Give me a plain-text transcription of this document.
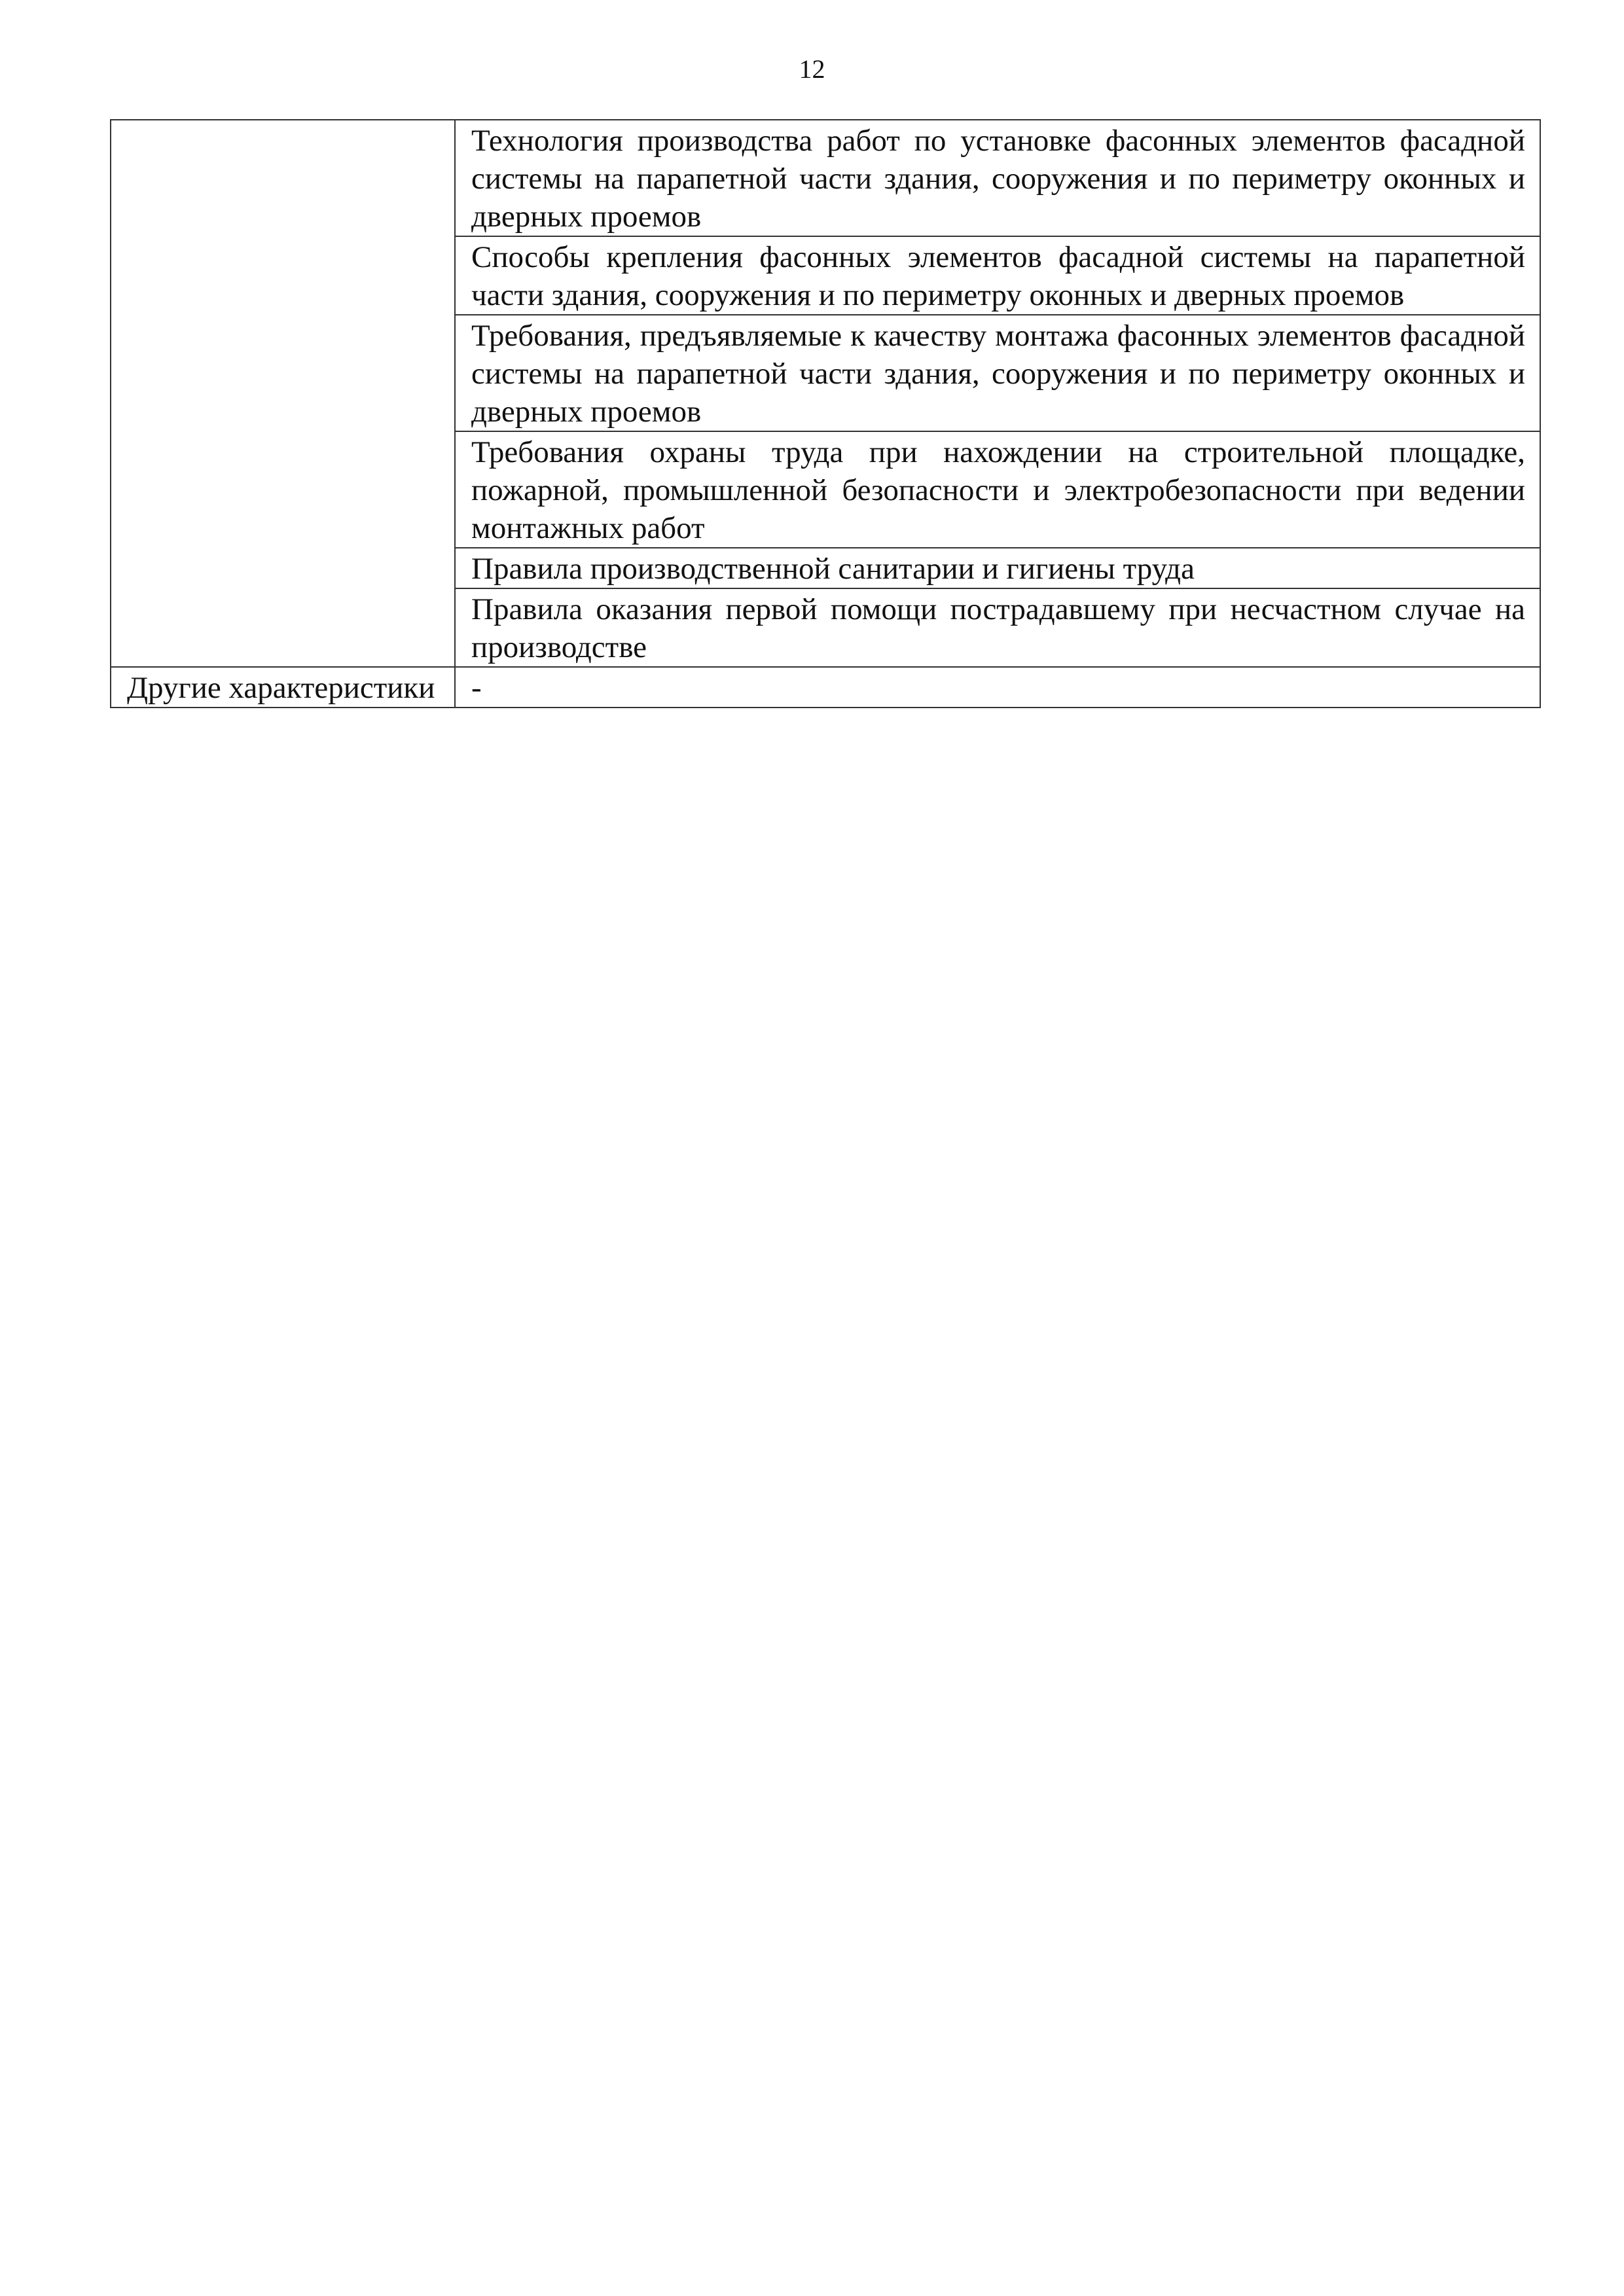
12

	Технология производства работ по установке фасонных элементов фасадной системы на парапетной части здания, сооружения и по периметру оконных и дверных проемов

	Способы крепления фасонных элементов фасадной системы на парапетной части здания, сооружения и по периметру оконных и дверных проемов

	Требования, предъявляемые к качеству монтажа фасонных элементов фасадной системы на парапетной части здания, сооружения и по периметру оконных и дверных проемов

	Требования охраны труда при нахождении на строительной площадке, пожарной, промышленной безопасности и электробезопасности при ведении монтажных работ

	Правила производственной санитарии и гигиены труда

	Правила оказания первой помощи пострадавшему при несчастном случае на производстве

Другие характеристики	-
